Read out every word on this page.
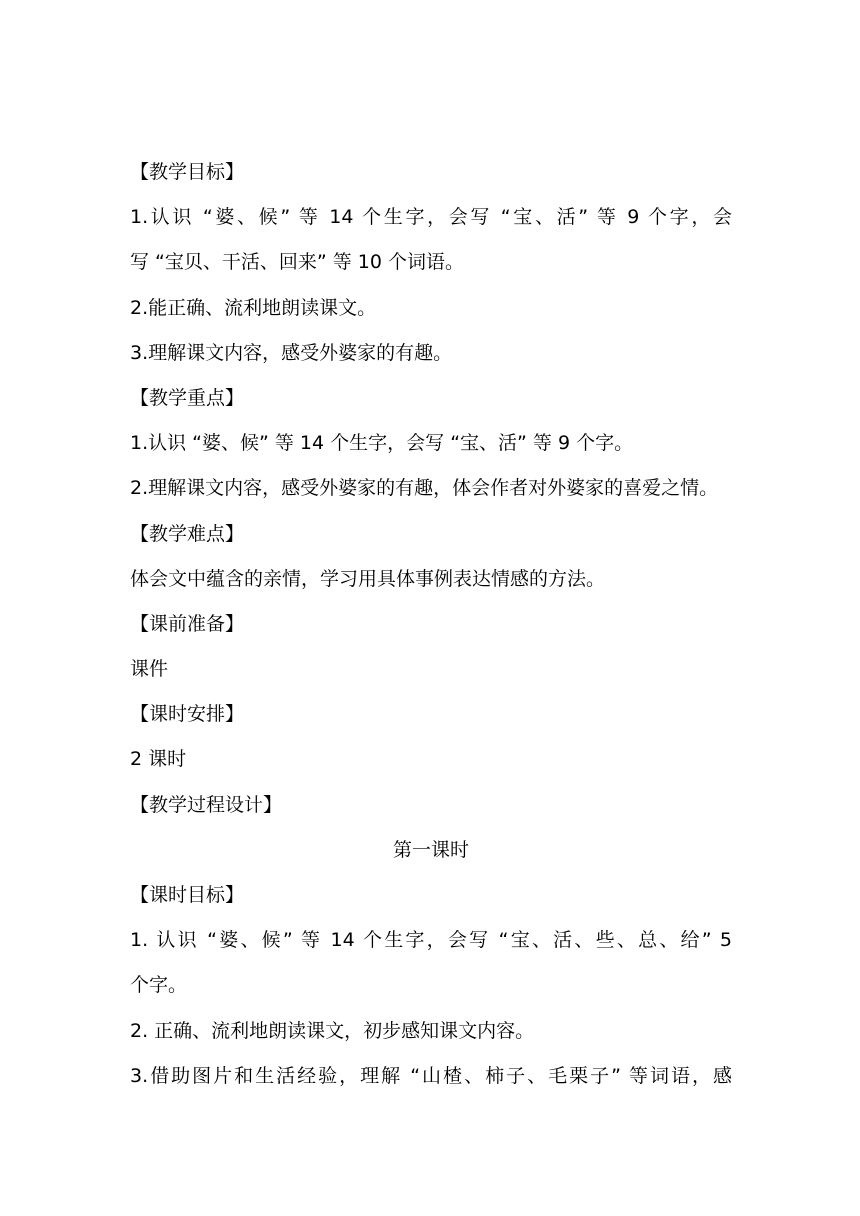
【教学目标】
1.认识 “婆、候” 等 14 个生字，会写 “宝、活” 等 9 个字，会
写 “宝贝、干活、回来” 等 10 个词语。
2.能正确、流利地朗读课文。
3.理解课文内容，感受外婆家的有趣。
【教学重点】
1.认识 “婆、候” 等 14 个生字，会写 “宝、活” 等 9 个字。
2.理解课文内容，感受外婆家的有趣，体会作者对外婆家的喜爱之情。
【教学难点】
体会文中蕴含的亲情，学习用具体事例表达情感的方法。
【课前准备】
课件
【课时安排】
2 课时
【教学过程设计】
第一课时
【课时目标】
1. 认识 “婆、候” 等 14 个生字，会写 “宝、活、些、总、给” 5
个字。
2. 正确、流利地朗读课文，初步感知课文内容。
3.借助图片和生活经验，理解 “山楂、柿子、毛栗子” 等词语，感
